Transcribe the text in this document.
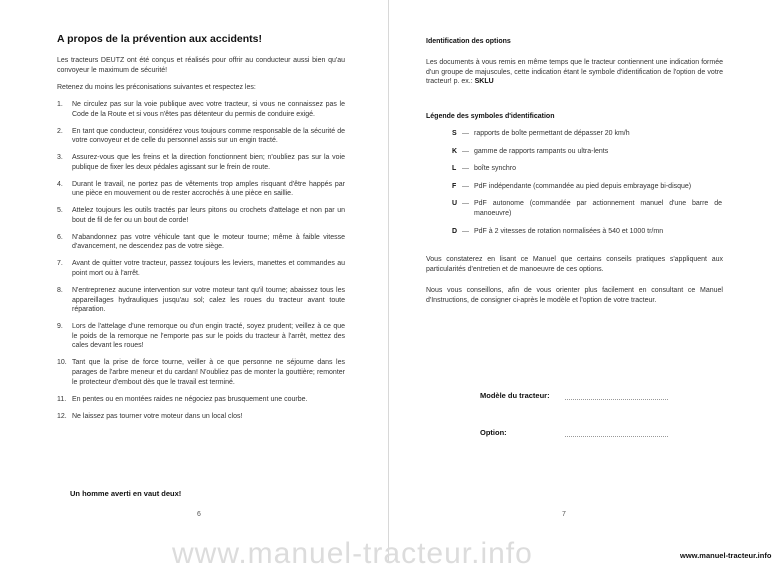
A propos de la prévention aux accidents!

Les tracteurs DEUTZ ont été conçus et réalisés pour offrir au conducteur aussi bien qu'au convoyeur le maximum de sécurité!

Retenez du moins les préconisations suivantes et respectez les:

1. Ne circulez pas sur la voie publique avec votre tracteur, si vous ne connaissez pas le Code de la Route et si vous n'êtes pas détenteur du permis de conduire exigé.
2. En tant que conducteur, considérez vous toujours comme responsable de la sécurité de votre convoyeur et de celle du personnel assis sur un engin tracté.
3. Assurez-vous que les freins et la direction fonctionnent bien; n'oubliez pas sur la voie publique de fixer les deux pédales agissant sur le frein de route.
4. Durant le travail, ne portez pas de vêtements trop amples risquant d'être happés par une pièce en mouvement ou de rester accrochés à une pièce en saillie.
5. Attelez toujours les outils tractés par leurs pitons ou crochets d'attelage et non par un bout de fil de fer ou un bout de corde!
6. N'abandonnez pas votre véhicule tant que le moteur tourne; même à faible vitesse d'avancement, ne descendez pas de votre siège.
7. Avant de quitter votre tracteur, passez toujours les leviers, manettes et commandes au point mort ou à l'arrêt.
8. N'entreprenez aucune intervention sur votre moteur tant qu'il tourne; abaissez tous les appareillages hydrauliques jusqu'au sol; calez les roues du tracteur avant toute réparation.
9. Lors de l'attelage d'une remorque ou d'un engin tracté, soyez prudent; veillez à ce que le poids de la remorque ne l'emporte pas sur le poids du tracteur à l'arrêt, mettez des cales devant les roues!
10. Tant que la prise de force tourne, veiller à ce que personne ne séjourne dans les parages de l'arbre meneur et du cardan! N'oubliez pas de monter la gouttière; remonter le protecteur d'embout dès que le travail est terminé.
11. En pentes ou en montées raides ne négociez pas brusquement une courbe.
12. Ne laissez pas tourner votre moteur dans un local clos!

Un homme averti en vaut deux!

6
Identification des options

Les documents à vous remis en même temps que le tracteur contiennent une indication formée d'un groupe de majuscules, cette indication étant le symbole d'identification de l'option de votre tracteur! p. ex.: SKLU

Légende des symboles d'identification
S — rapports de boîte permettant de dépasser 20 km/h
K — gamme de rapports rampants ou ultra-lents
L — boîte synchro
F — PdF indépendante (commandée au pied depuis embrayage bi-disque)
U — PdF autonome (commandée par actionnement manuel d'une barre de manoeuvre)
D — PdF à 2 vitesses de rotation normalisées à 540 et 1000 tr/mn

Vous constaterez en lisant ce Manuel que certains conseils pratiques s'appliquent aux particularités d'entretien et de manoeuvre de ces options.

Nous vous conseillons, afin de vous orienter plus facilement en consultant ce Manuel d'Instructions, de consigner ci-après le modèle et l'option de votre tracteur.

Modèle du tracteur:
Option:
7
www.manuel-tracteur.info	www.manuel-tracteur.info
